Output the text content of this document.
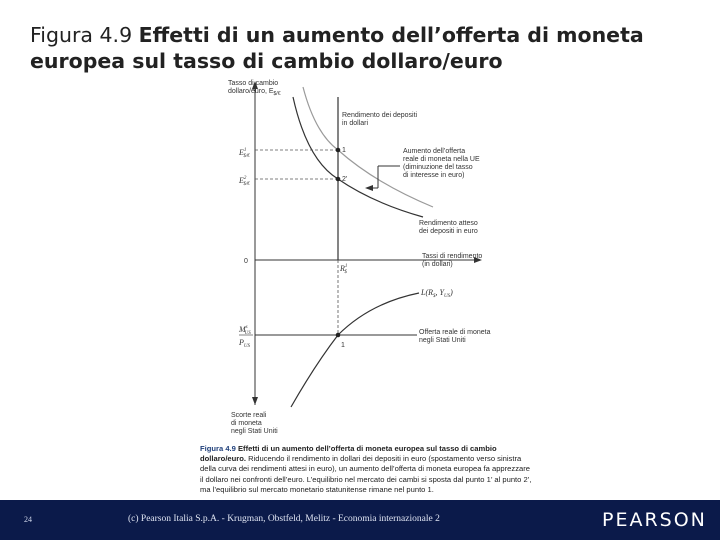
Figura 4.9 Effetti di un aumento dell’offerta di moneta europea sul tasso di cambio dollaro/euro
Tasso di cambio
dollaro/euro, $E_{\$/€}$
Rendimento dei depositi
in dollari
1
2'
$E^1$ $/€
$E^2$ $/€
0
Aumento dell’offerta
reale di moneta nella UE
(diminuzione del tasso
di interesse in euro)
Rendimento atteso
dei depositi in euro
Tassi di rendimento
(in dollari)
$R^1$ $
$L(R_{\$}$, $Y_{US}$)
1
Offerta reale di moneta
negli Stati Uniti
$M^s$ US
$P_{US}$
Scorte reali
di moneta
negli Stati Uniti
Figura 4.9 Effetti di un aumento dell’offerta di moneta europea sul tasso di cambio dollaro/euro. Riducendo il rendimento in dollari dei depositi in euro (spostamento verso sinistra della curva dei rendimenti attesi in euro), un aumento dell’offerta di moneta europea fa apprezzare il dollaro nei confronti dell’euro. L’equilibrio nel mercato dei cambi si sposta dal punto 1’ al punto 2’, ma l’equilibrio sul mercato monetario statunitense rimane nel punto 1.
24	(c) Pearson Italia S.p.A. - Krugman, Obstfeld, Melitz - Economia internazionale 2	PEARSON
